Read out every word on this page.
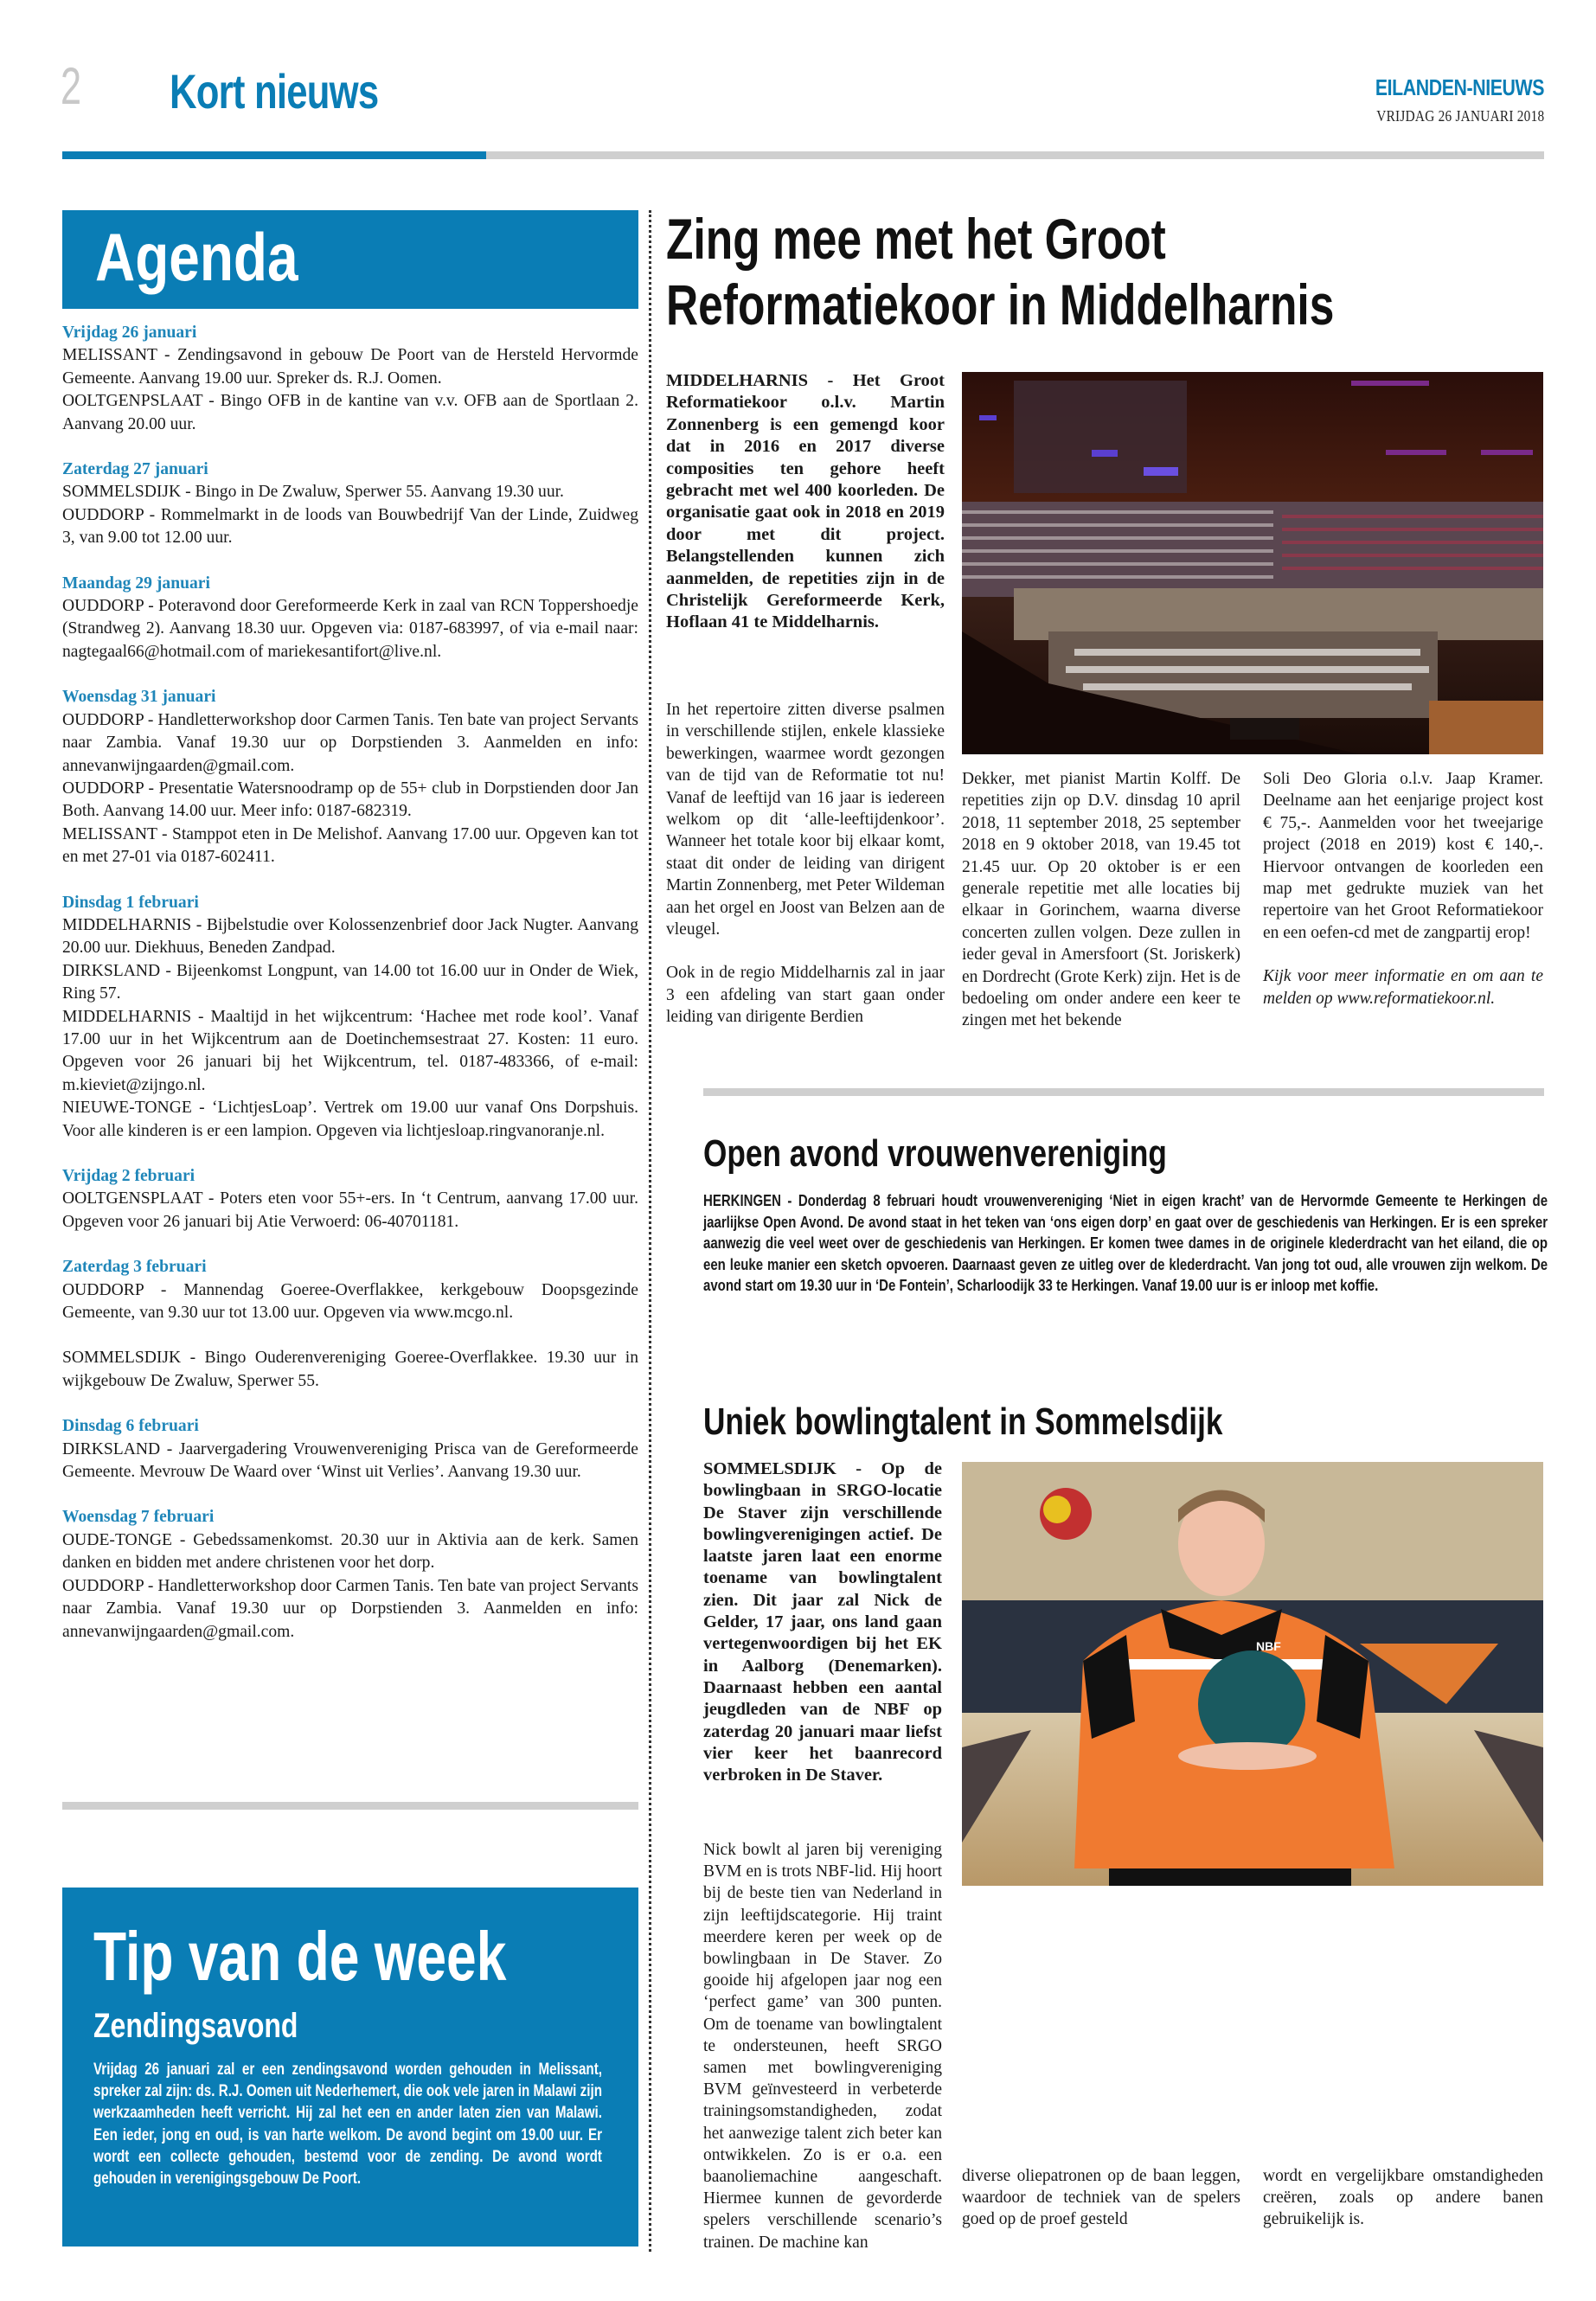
2 Kort nieuws	EILANDEN-NIEUWS
VRIJDAG 26 JANUARI 2018
Agenda
Vrijdag 26 januari
MELISSANT - Zendingsavond in gebouw De Poort van de Hersteld Hervormde Gemeente. Aanvang 19.00 uur. Spreker ds. R.J. Oomen.
OOLTGENPSLAAT - Bingo OFB in de kantine van v.v. OFB aan de Sportlaan 2. Aanvang 20.00 uur.
Zaterdag 27 januari
SOMMELSDIJK - Bingo in De Zwaluw, Sperwer 55. Aanvang 19.30 uur.
OUDDORP - Rommelmarkt in de loods van Bouwbedrijf Van der Linde, Zuidweg 3, van 9.00 tot 12.00 uur.
Maandag 29 januari
OUDDORP - Poteravond door Gereformeerde Kerk in zaal van RCN Toppershoedje (Strandweg 2). Aanvang 18.30 uur. Opgeven via: 0187-683997, of via e-mail naar: nagtegaal66@hotmail.com of mariekesantifort@live.nl.
Woensdag 31 januari
OUDDORP - Handletterworkshop door Carmen Tanis. Ten bate van project Servants naar Zambia. Vanaf 19.30 uur op Dorpstienden 3. Aanmelden en info: annevanwijngaarden@gmail.com.
OUDDORP - Presentatie Watersnoodramp op de 55+ club in Dorpstienden door Jan Both. Aanvang 14.00 uur. Meer info: 0187-682319.
MELISSANT - Stamppot eten in De Melishof. Aanvang 17.00 uur. Opgeven kan tot en met 27-01 via 0187-602411.
Dinsdag 1 februari
MIDDELHARNIS - Bijbelstudie over Kolossenzenbrief door Jack Nugter. Aanvang 20.00 uur. Diekhuus, Beneden Zandpad.
DIRKSLAND - Bijeenkomst Longpunt, van 14.00 tot 16.00 uur in Onder de Wiek, Ring 57.
MIDDELHARNIS - Maaltijd in het wijkcentrum: ‘Hachee met rode kool’. Vanaf 17.00 uur in het Wijkcentrum aan de Doetinchemsestraat 27. Kosten: 11 euro. Opgeven voor 26 januari bij het Wijkcentrum, tel. 0187-483366, of e-mail: m.kieviet@zijngo.nl.
NIEUWE-TONGE - ‘LichtjesLoap’. Vertrek om 19.00 uur vanaf Ons Dorpshuis. Voor alle kinderen is er een lampion. Opgeven via lichtjesloap.ringvanoranje.nl.
Vrijdag 2 februari
OOLTGENSPLAAT - Poters eten voor 55+-ers. In ‘t Centrum, aanvang 17.00 uur. Opgeven voor 26 januari bij Atie Verwoerd: 06-40701181.
Zaterdag 3 februari
OUDDORP - Mannendag Goeree-Overflakkee, kerkgebouw Doopsgezinde Gemeente, van 9.30 uur tot 13.00 uur. Opgeven via www.mcgo.nl.
SOMMELSDIJK - Bingo Ouderenvereniging Goeree-Overflakkee. 19.30 uur in wijkgebouw De Zwaluw, Sperwer 55.
Dinsdag 6 februari
DIRKSLAND - Jaarvergadering Vrouwenvereniging Prisca van de Gereformeerde Gemeente. Mevrouw De Waard over ‘Winst uit Verlies’. Aanvang 19.30 uur.
Woensdag 7 februari
OUDE-TONGE - Gebedssamenkomst. 20.30 uur in Aktivia aan de kerk. Samen danken en bidden met andere christenen voor het dorp.
OUDDORP - Handletterworkshop door Carmen Tanis. Ten bate van project Servants naar Zambia. Vanaf 19.30 uur op Dorpstienden 3. Aanmelden en info: annevanwijngaarden@gmail.com.
Tip van de week
Zendingsavond
Vrijdag 26 januari zal er een zendingsavond worden gehouden in Melissant, spreker zal zijn: ds. R.J. Oomen uit Nederhemert, die ook vele jaren in Malawi zijn werkzaamheden heeft verricht. Hij zal het een en ander laten zien van Malawi. Een ieder, jong en oud, is van harte welkom. De avond begint om 19.00 uur. Er wordt een collecte gehouden, bestemd voor de zending. De avond wordt gehouden in verenigingsgebouw De Poort.
Zing mee met het Groot Reformatiekoor in Middelharnis
MIDDELHARNIS - Het Groot Reformatiekoor o.l.v. Martin Zonnenberg is een gemengd koor dat in 2016 en 2017 diverse composities ten gehore heeft gebracht met wel 400 koorleden. De organisatie gaat ook in 2018 en 2019 door met dit project. Belangstellenden kunnen zich aanmelden, de repetities zijn in de Christelijk Gereformeerde Kerk, Hoflaan 41 te Middelharnis.

In het repertoire zitten diverse psalmen in verschillende stijlen, enkele klassieke bewerkingen, waarmee wordt gezongen van de tijd van de Reformatie tot nu! Vanaf de leeftijd van 16 jaar is iedereen welkom op dit ‘alle-leeftijdenkoor’. Wanneer het totale koor bij elkaar komt, staat dit onder de leiding van dirigent Martin Zonnenberg, met Peter Wildeman aan het orgel en Joost van Belzen aan de vleugel.

Ook in de regio Middelharnis zal in jaar 3 een afdeling van start gaan onder leiding van dirigente Berdien

Dekker, met pianist Martin Kolff. De repetities zijn op D.V. dinsdag 10 april 2018, 11 september 2018, 25 september 2018 en 9 oktober 2018, van 19.45 tot 21.45 uur. Op 20 oktober is er een generale repetitie met alle locaties bij elkaar in Gorinchem, waarna diverse concerten zullen volgen. Deze zullen in ieder geval in Amersfoort (St. Joriskerk) en Dordrecht (Grote Kerk) zijn. Het is de bedoeling om onder andere een keer te zingen met het bekende

Soli Deo Gloria o.l.v. Jaap Kramer. Deelname aan het eenjarige project kost € 75,-. Aanmelden voor het tweejarige project (2018 en 2019) kost € 140,-. Hiervoor ontvangen de koorleden een map met gedrukte muziek van het repertoire van het Groot Reformatiekoor en een oefen-cd met de zangpartij erop!

Kijk voor meer informatie en om aan te melden op www.reformatiekoor.nl.

Open avond vrouwenvereniging
HERKINGEN - Donderdag 8 februari houdt vrouwenvereniging ‘Niet in eigen kracht’ van de Hervormde Gemeente te Herkingen de jaarlijkse Open Avond. De avond staat in het teken van ‘ons eigen dorp’ en gaat over de geschiedenis van Herkingen. Er is een spreker aanwezig die veel weet over de geschiedenis van Herkingen. Er komen twee dames in de originele klederdracht van het eiland, die op een leuke manier een sketch opvoeren. Daarnaast geven ze uitleg over de klederdracht. Van jong tot oud, alle vrouwen zijn welkom. De avond start om 19.30 uur in ‘De Fontein’, Scharloodijk 33 te Herkingen. Vanaf 19.00 uur is er inloop met koffie.
Uniek bowlingtalent in Sommelsdijk
SOMMELSDIJK - Op de bowlingbaan in SRGO-locatie De Staver zijn verschillende bowlingverenigingen actief. De laatste jaren laat een enorme toename van bowlingtalent zien. Dit jaar zal Nick de Gelder, 17 jaar, ons land gaan vertegenwoordigen bij het EK in Aalborg (Denemarken). Daarnaast hebben een aantal jeugdleden van de NBF op zaterdag 20 januari maar liefst vier keer het baanrecord verbroken in De Staver.
NBF
Nick bowlt al jaren bij vereniging BVM en is trots NBF-lid. Hij hoort bij de beste tien van Nederland in zijn leeftijdscategorie. Hij traint meerdere keren per week op de bowlingbaan in De Staver. Zo gooide hij afgelopen jaar nog een ‘perfect game’ van 300 punten. Om de toename van bowlingtalent te ondersteunen, heeft SRGO samen met bowlingvereniging BVM geïnvesteerd in verbeterde trainingsomstandigheden, zodat het aanwezige talent zich beter kan ontwikkelen. Zo is er o.a. een baanoliemachine aangeschaft. Hiermee kunnen de gevorderde spelers verschillende scenario’s trainen. De machine kan
diverse oliepatronen op de baan leggen, waardoor de techniek van de spelers goed op de proef gesteld
wordt en vergelijkbare omstandigheden creëren, zoals op andere banen gebruikelijk is.
